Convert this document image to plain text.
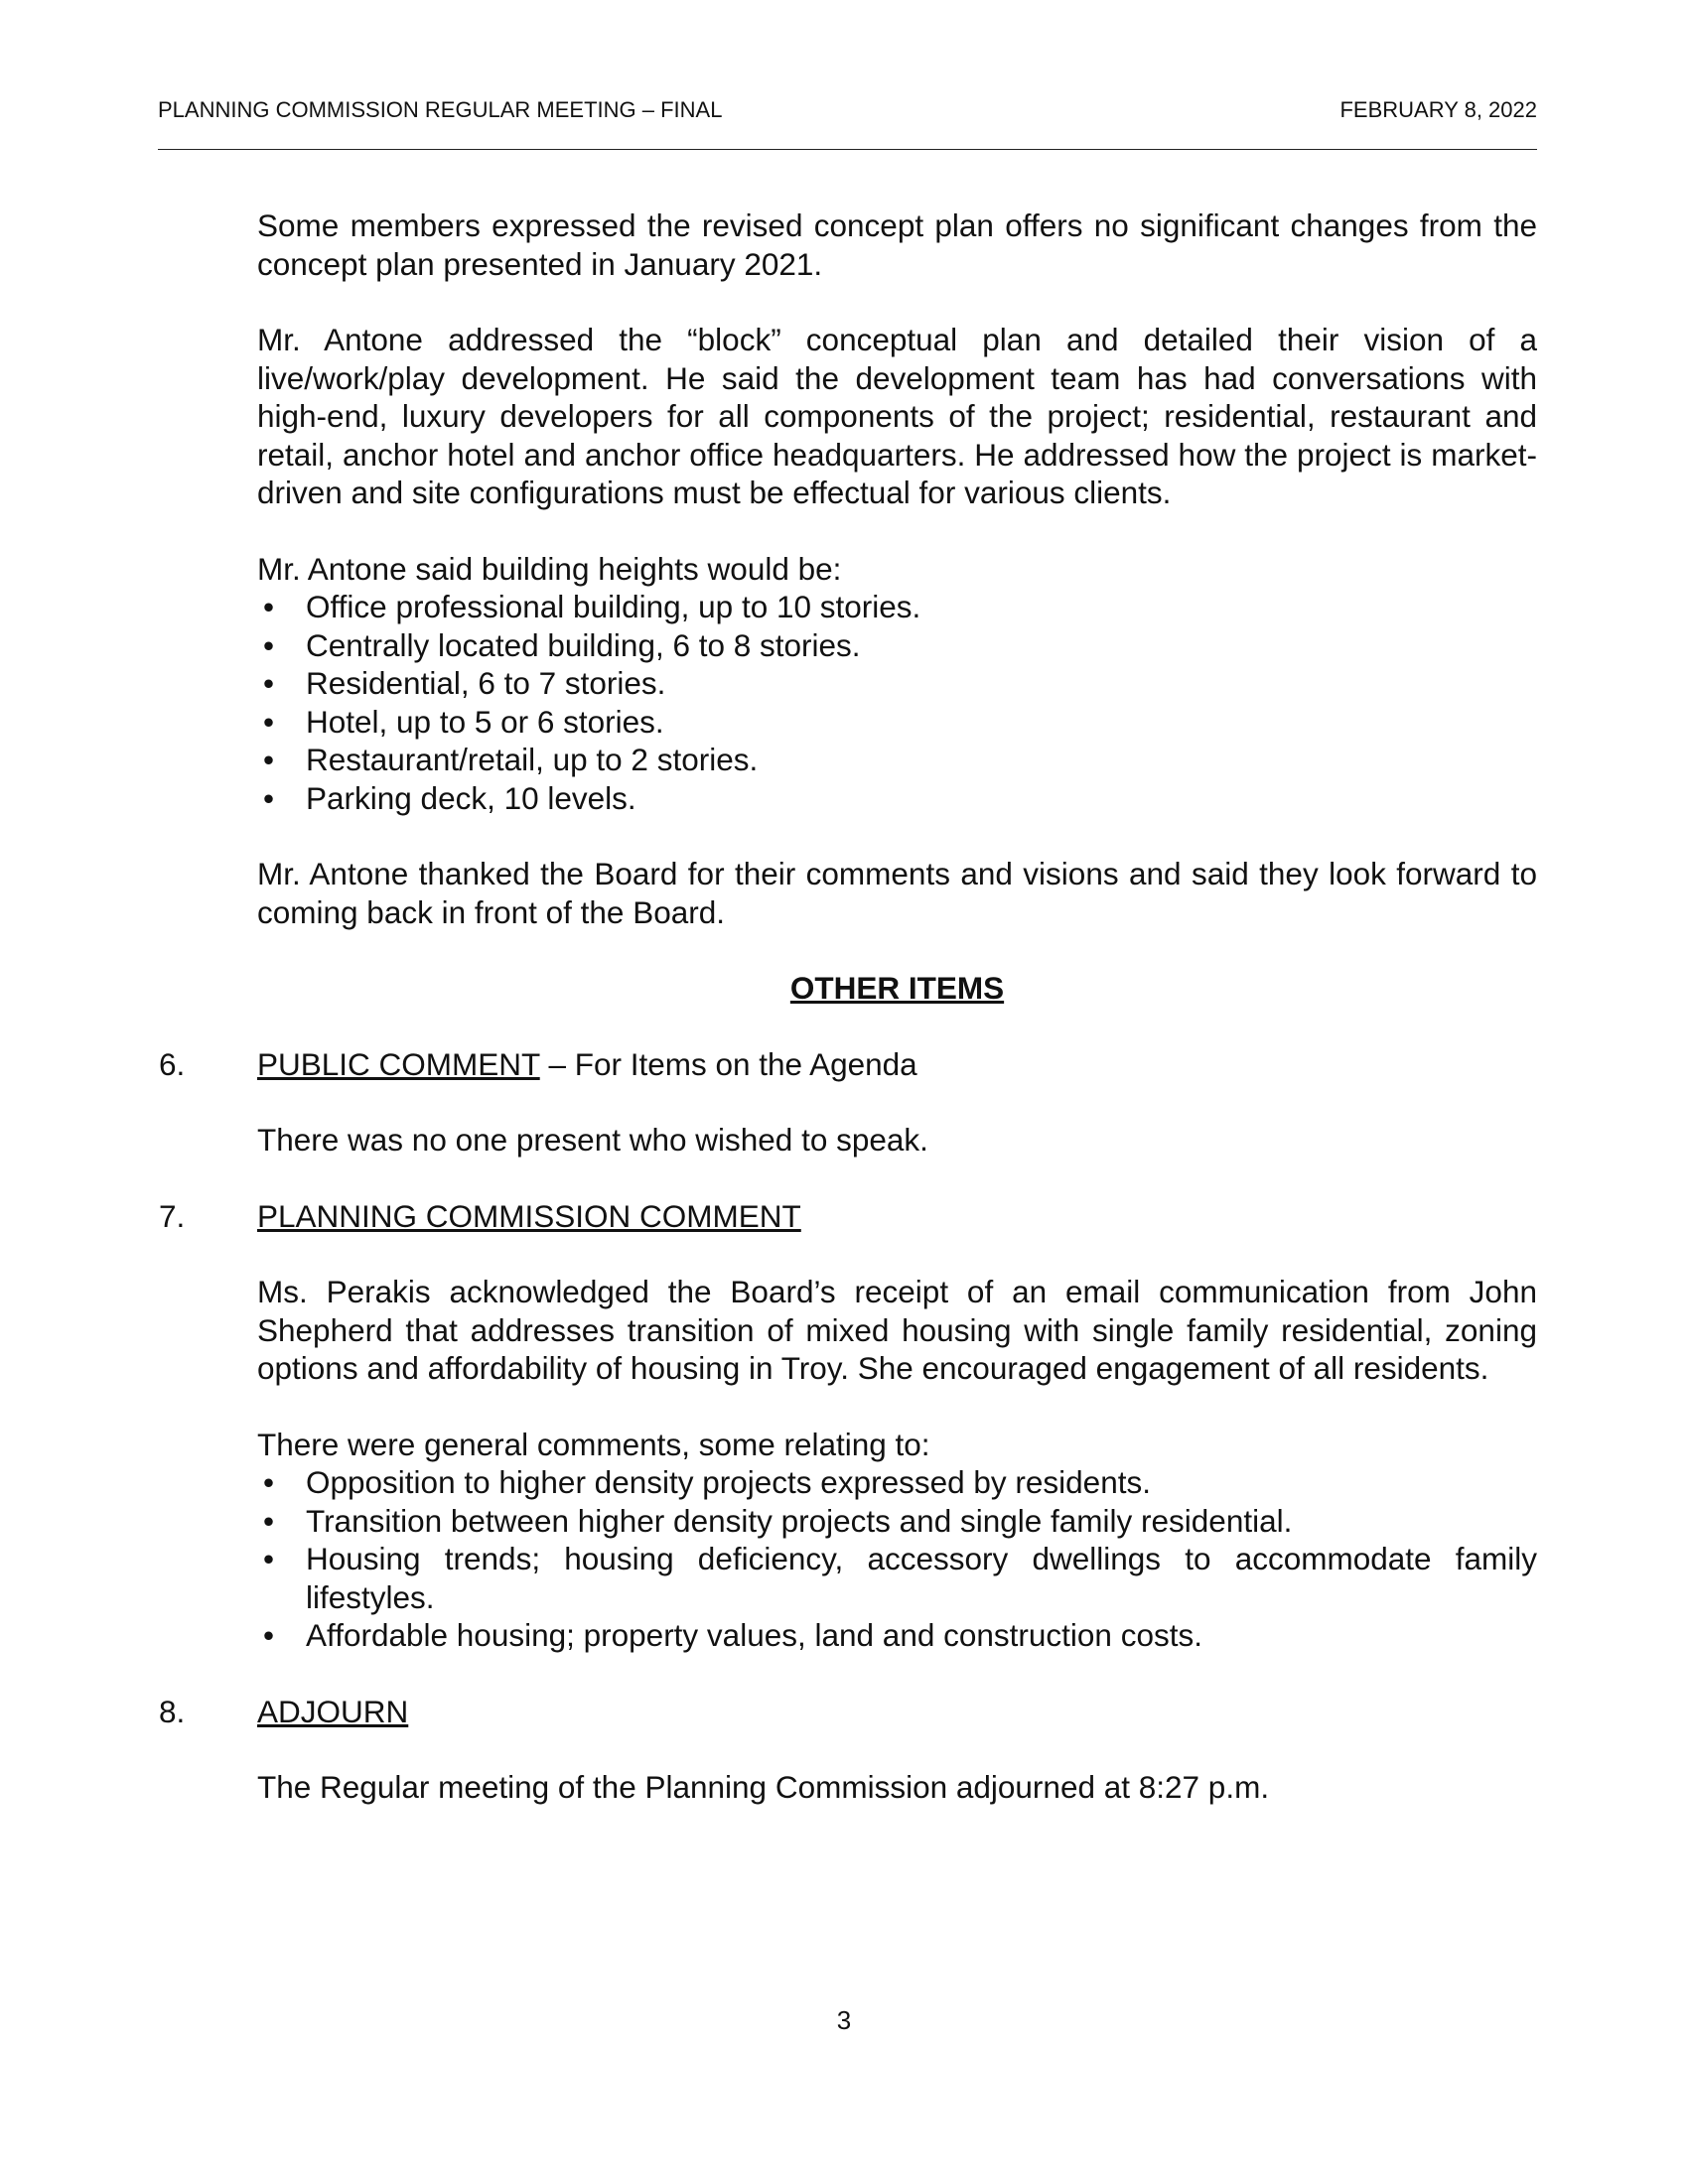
PLANNING COMMISSION REGULAR MEETING – FINAL	FEBRUARY 8, 2022

Some members expressed the revised concept plan offers no significant changes from the concept plan presented in January 2021.

Mr. Antone addressed the “block” conceptual plan and detailed their vision of a live/work/play development. He said the development team has had conversations with high-end, luxury developers for all components of the project; residential, restaurant and retail, anchor hotel and anchor office headquarters. He addressed how the project is market-driven and site configurations must be effectual for various clients.

Mr. Antone said building heights would be:

• Office professional building, up to 10 stories.
• Centrally located building, 6 to 8 stories.
• Residential, 6 to 7 stories.
• Hotel, up to 5 or 6 stories.
• Restaurant/retail, up to 2 stories.
• Parking deck, 10 levels.

Mr. Antone thanked the Board for their comments and visions and said they look forward to coming back in front of the Board.

OTHER ITEMS

6. PUBLIC COMMENT – For Items on the Agenda

There was no one present who wished to speak.

7. PLANNING COMMISSION COMMENT

Ms. Perakis acknowledged the Board’s receipt of an email communication from John Shepherd that addresses transition of mixed housing with single family residential, zoning options and affordability of housing in Troy. She encouraged engagement of all residents.

There were general comments, some relating to:

• Opposition to higher density projects expressed by residents.
• Transition between higher density projects and single family residential.
• Housing trends; housing deficiency, accessory dwellings to accommodate family lifestyles.
• Affordable housing; property values, land and construction costs.
8. ADJOURN

The Regular meeting of the Planning Commission adjourned at 8:27 p.m.

3
